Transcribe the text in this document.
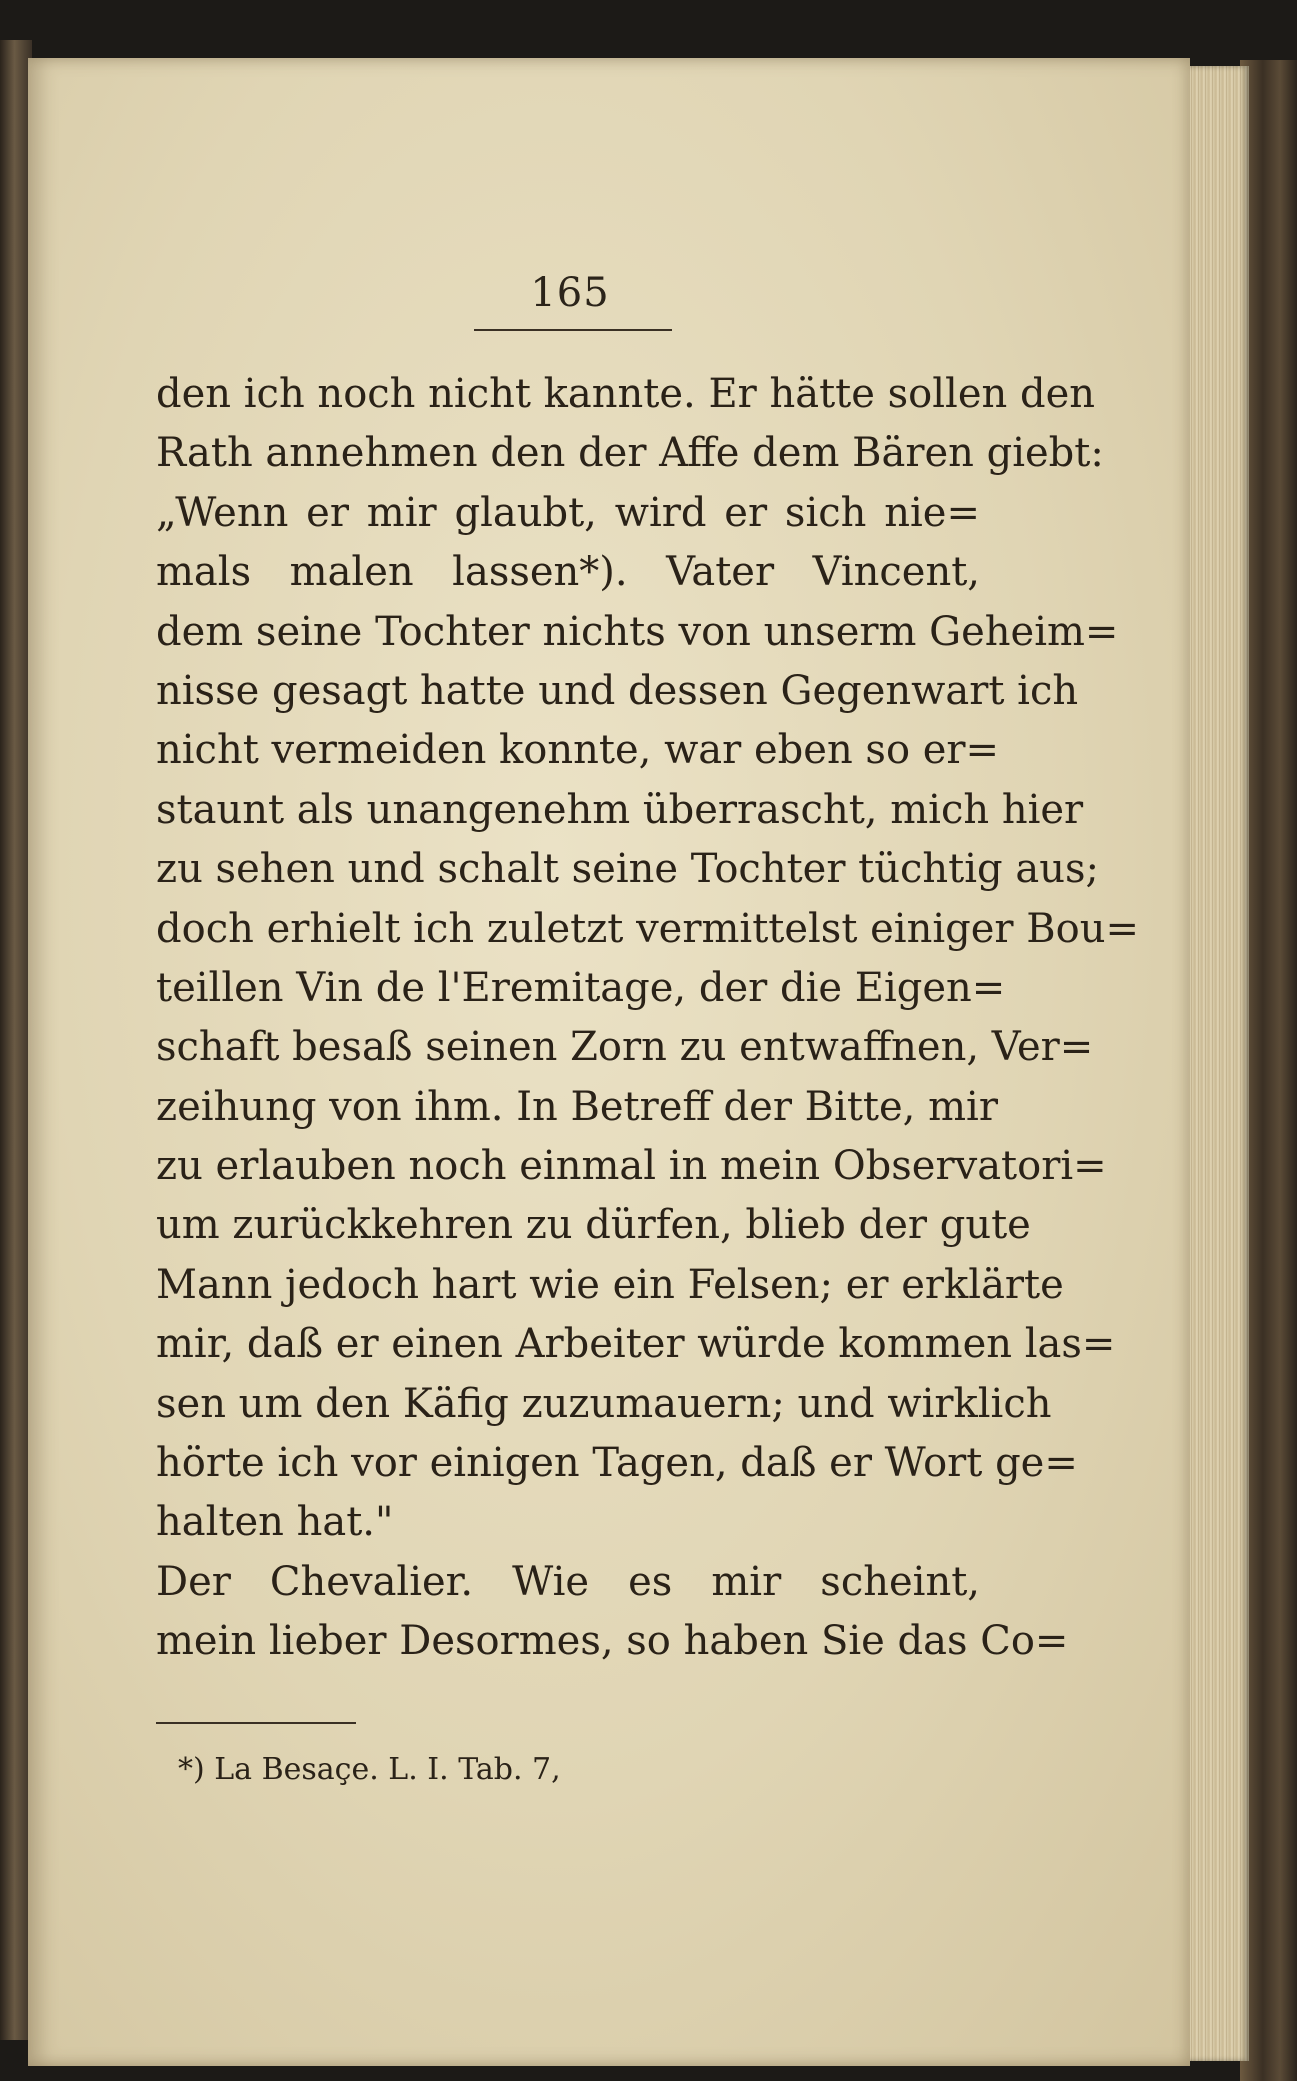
165
den ich noch nicht kannte. Er hätte sollen den
Rath annehmen den der Affe dem Bären giebt:
„Wenn er mir glaubt, wird er sich nie=
mals malen lassen*). Vater Vincent,
dem seine Tochter nichts von unserm Geheim=
nisse gesagt hatte und dessen Gegenwart ich
nicht vermeiden konnte, war eben so er=
staunt als unangenehm überrascht, mich hier
zu sehen und schalt seine Tochter tüchtig aus;
doch erhielt ich zuletzt vermittelst einiger Bou=
teillen Vin de l'Eremitage, der die Eigen=
schaft besaß seinen Zorn zu entwaffnen, Ver=
zeihung von ihm. In Betreff der Bitte, mir
zu erlauben noch einmal in mein Observatori=
um zurückkehren zu dürfen, blieb der gute
Mann jedoch hart wie ein Felsen; er erklärte
mir, daß er einen Arbeiter würde kommen las=
sen um den Käfig zuzumauern; und wirklich
hörte ich vor einigen Tagen, daß er Wort ge=
halten hat."
Der Chevalier. Wie es mir scheint,
mein lieber Desormes, so haben Sie das Co=
*) La Besaçe. L. I. Tab. 7,
